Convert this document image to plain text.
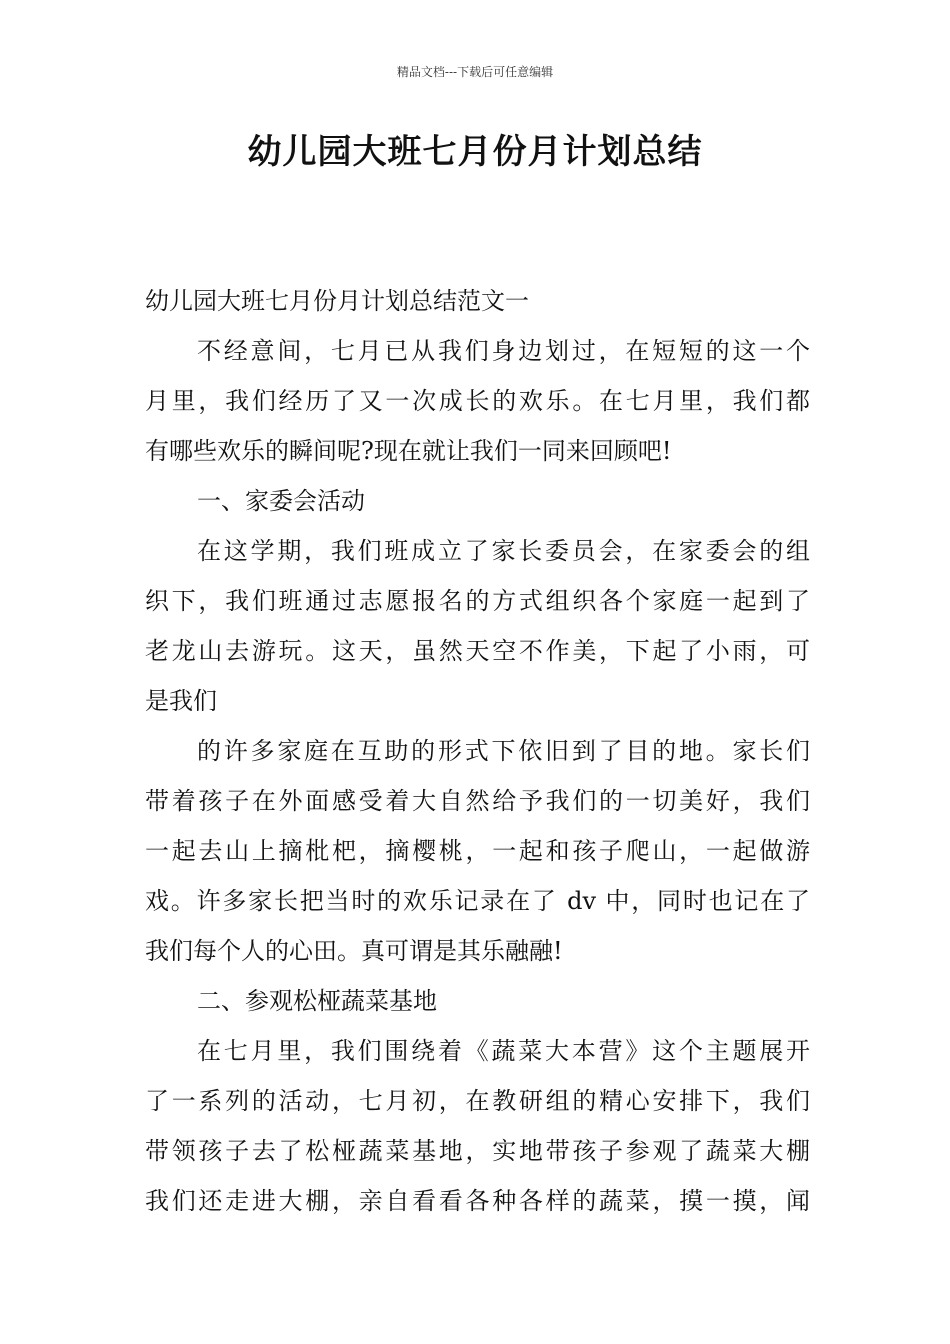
精品文档---下载后可任意编辑
幼儿园大班七月份月计划总结
幼儿园大班七月份月计划总结范文一
不经意间，七月已从我们身边划过，在短短的这一个
月里，我们经历了又一次成长的欢乐。在七月里，我们都
有哪些欢乐的瞬间呢?现在就让我们一同来回顾吧!
一、家委会活动
在这学期，我们班成立了家长委员会，在家委会的组
织下，我们班通过志愿报名的方式组织各个家庭一起到了
老龙山去游玩。这天，虽然天空不作美，下起了小雨，可
是我们
的许多家庭在互助的形式下依旧到了目的地。家长们
带着孩子在外面感受着大自然给予我们的一切美好，我们
一起去山上摘枇杷，摘樱桃，一起和孩子爬山，一起做游
戏。许多家长把当时的欢乐记录在了 dv 中，同时也记在了
我们每个人的心田。真可谓是其乐融融!
二、参观松桠蔬菜基地
在七月里，我们围绕着《蔬菜大本营》这个主题展开
了一系列的活动，七月初，在教研组的精心安排下，我们
带领孩子去了松桠蔬菜基地，实地带孩子参观了蔬菜大棚
我们还走进大棚，亲自看看各种各样的蔬菜，摸一摸，闻
